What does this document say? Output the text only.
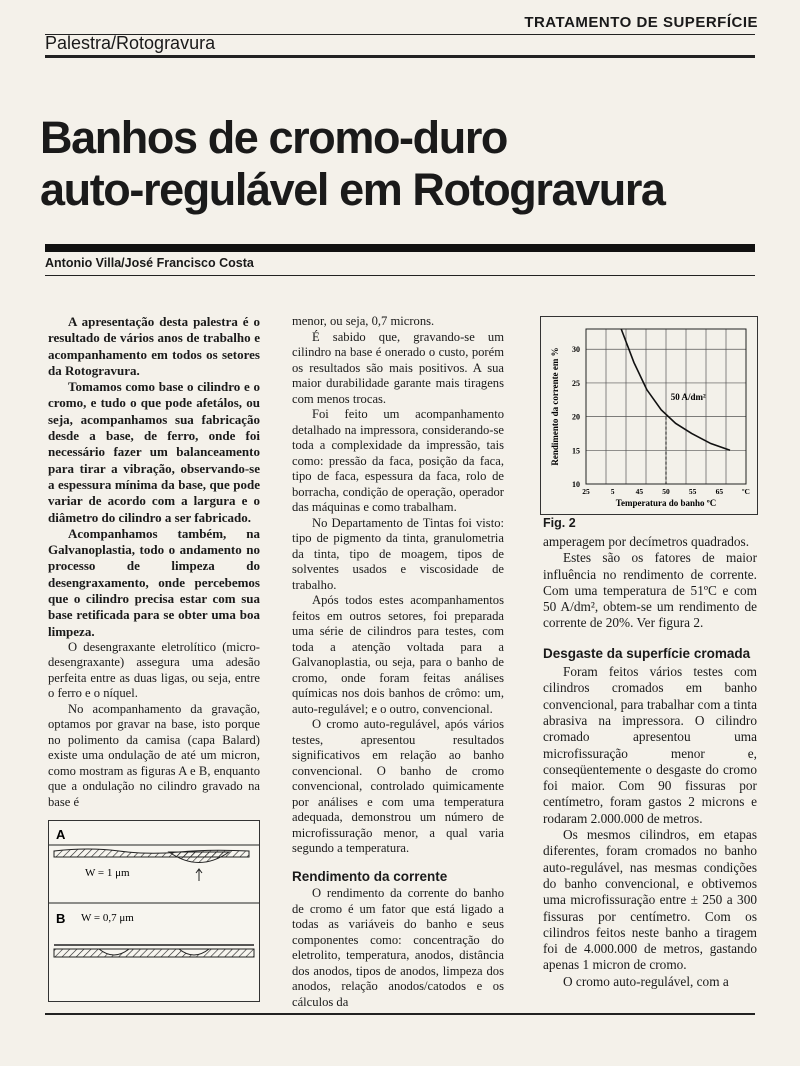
TRATAMENTO DE SUPERFÍCIE
Palestra/Rotogravura
Banhos de cromo-duro
auto-regulável em Rotogravura
Antonio Villa/José Francisco Costa

A apresentação desta palestra é o resultado de vários anos de trabalho e acompanhamento em todos os setores da Rotogravura.

Tomamos como base o cilindro e o cromo, e tudo o que pode afetálos, ou seja, acompanhamos sua fabricação desde a base, de ferro, onde foi necessário fazer um balanceamento para tirar a vibração, observando-se a espessura mínima da base, que pode variar de acordo com a largura e o diâmetro do cilindro a ser fabricado.

Acompanhamos também, na Galvanoplastia, todo o andamento no processo de limpeza do desengraxamento, onde percebemos que o cilindro precisa estar com sua base retificada para se obter uma boa limpeza.

O desengraxante eletrolítico (micro-desengraxante) assegura uma adesão perfeita entre as duas ligas, ou seja, entre o ferro e o níquel.

No acompanhamento da gravação, optamos por gravar na base, isto porque no polimento da camisa (capa Balard) existe uma ondulação de até um micron, como mostram as figuras A e B, enquanto que a ondulação no cilindro gravado na base é

A
W = 1 μm
B W = 0,7 μm

menor, ou seja, 0,7 microns.

É sabido que, gravando-se um cilindro na base é onerado o custo, porém os resultados são mais positivos. A sua maior durabilidade garante mais tiragens com menos trocas.

Foi feito um acompanhamento detalhado na impressora, considerando-se toda a complexidade da impressão, tais como: pressão da faca, posição da faca, tipo de faca, espessura da faca, rolo de borracha, condição de operação, operador das máquinas e como trabalham.

No Departamento de Tintas foi visto: tipo de pigmento da tinta, granulometria da tinta, tipo de moagem, tipos de solventes usados e viscosidade de trabalho.

Após todos estes acompanhamentos feitos em outros setores, foi preparada uma série de cilindros para testes, com toda a atenção voltada para a Galvanoplastia, ou seja, para o banho de cromo, onde foram feitas análises químicas nos dois banhos de crômo: um, auto-regulável; e o outro, convencional.

O cromo auto-regulável, após vários testes, apresentou resultados significativos em relação ao banho convencional. O banho de cromo convencional, controlado quimicamente por análises e com uma temperatura adequada, demonstrou um número de microfissuração menor, a qual varia segundo a temperatura.

Rendimento da corrente

O rendimento da corrente do banho de cromo é um fator que está ligado a todas as variáveis do banho e seus componentes como: concentração do eletrolito, temperatura, anodos, distância dos anodos, tipos de anodos, limpeza dos anodos, relação anodos/catodos e os cálculos da

10
15
20
25
30
25	5	45	50	55	65	ºC
Temperatura do banho ºC
Rendimento da corrente em %	50 A/dm²
Fig. 2

amperagem por decímetros quadrados.

Estes são os fatores de maior influência no rendimento de corrente. Com uma temperatura de 51ºC e com 50 A/dm², obtem-se um rendimento de corrente de 20%. Ver figura 2.

Desgaste da superfície cromada

Foram feitos vários testes com cilindros cromados em banho convencional, para trabalhar com a tinta abrasiva na impressora. O cilindro cromado apresentou uma microfissuração menor e, conseqüentemente o desgaste do cromo foi maior. Com 90 fissuras por centímetro, foram gastos 2 microns e rodaram 2.000.000 de metros.

Os mesmos cilindros, em etapas diferentes, foram cromados no banho auto-regulável, nas mesmas condições do banho convencional, e obtivemos uma microfissuração entre ± 250 a 300 fissuras por centímetro. Com os cilindros feitos neste banho a tiragem foi de 4.000.000 de metros, gastando apenas 1 micron de cromo.

O cromo auto-regulável, com a
